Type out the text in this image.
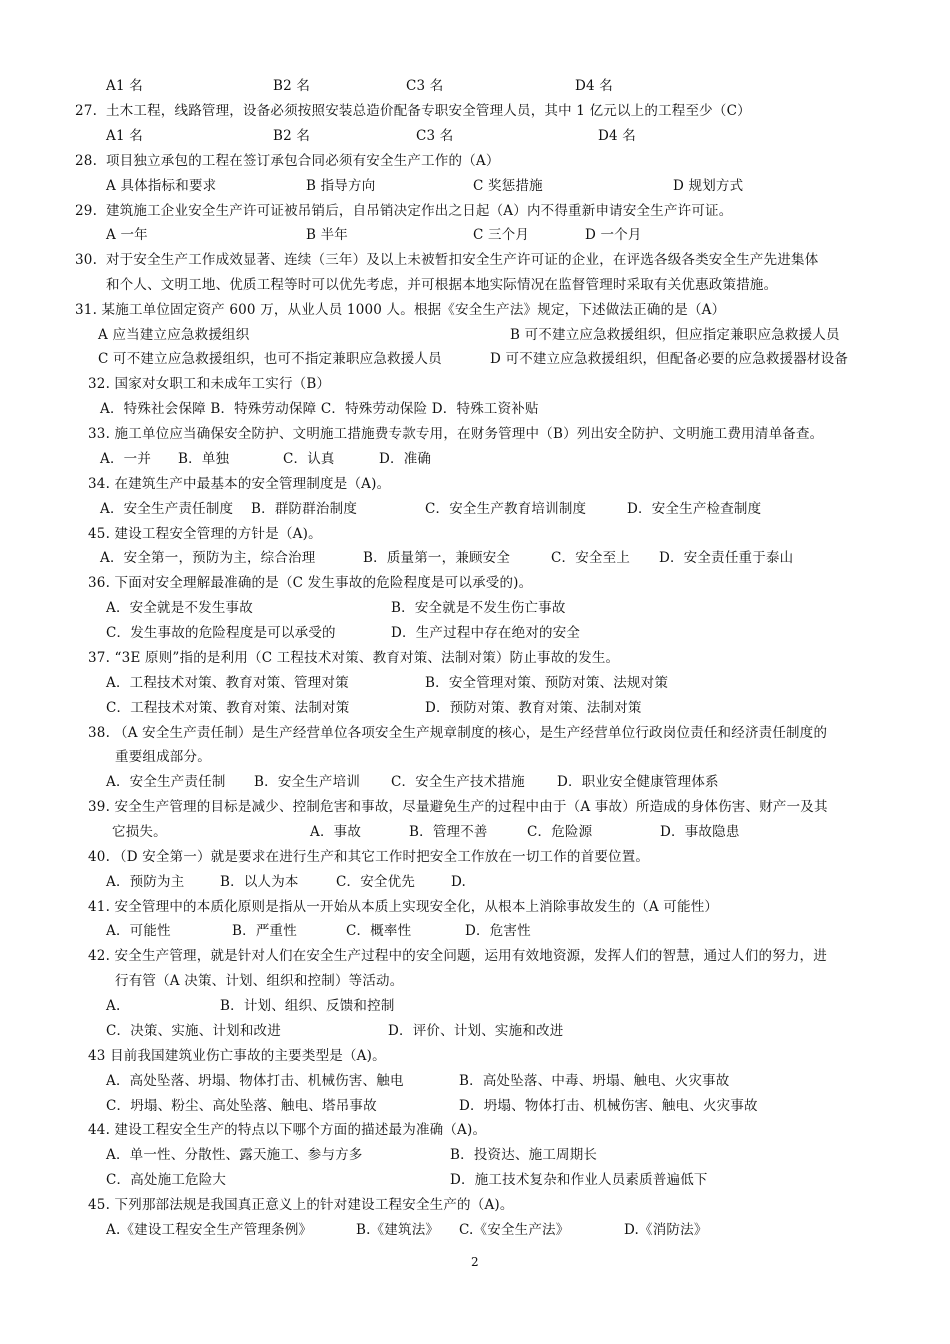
2
A1 名	B2 名	C3 名	D4 名
27. 土木工程，线路管理，设备必须按照安装总造价配备专职安全管理人员，其中 1 亿元以上的工程至少（C）
A1 名	B2 名	C3 名	D4 名
28. 项目独立承包的工程在签订承包合同必须有安全生产工作的（A）
A 具体指标和要求	B 指导方向	C 奖惩措施	D 规划方式
29. 建筑施工企业安全生产许可证被吊销后，自吊销决定作出之日起（A）内不得重新申请安全生产许可证。
A 一年	B 半年	C 三个月	D 一个月
30. 对于安全生产工作成效显著、连续（三年）及以上未被暂扣安全生产许可证的企业，在评选各级各类安全生产先进集体
和个人、文明工地、优质工程等时可以优先考虑，并可根据本地实际情况在监督管理时采取有关优惠政策措施。
31. 某施工单位固定资产 600 万，从业人员 1000 人。根据《安全生产法》规定，下述做法正确的是（A）
A 应当建立应急救援组织	B 可不建立应急救援组织，但应指定兼职应急救援人员
C 可不建立应急救援组织，也可不指定兼职应急救援人员	D 可不建立应急救援组织，但配备必要的应急救援器材设备
32. 国家对女职工和未成年工实行（B）
A．特殊社会保障 B．特殊劳动保障 C．特殊劳动保险 D．特殊工资补贴
33. 施工单位应当确保安全防护、文明施工措施费专款专用，在财务管理中（B）列出安全防护、文明施工费用清单备查。
A．一并 B．单独	C．认真	D．准确
34. 在建筑生产中最基本的安全管理制度是（A)。
A．安全生产责任制度 B．群防群治制度	C．安全生产教育培训制度	D．安全生产检查制度
45. 建设工程安全管理的方针是（A)。
A．安全第一，预防为主，综合治理	B．质量第一，兼顾安全	C．安全至上 D．安全责任重于泰山
36. 下面对安全理解最准确的是（C 发生事故的危险程度是可以承受的)。
A．安全就是不发生事故	B．安全就是不发生伤亡事故
C．发生事故的危险程度是可以承受的	D．生产过程中存在绝对的安全
37. “3E 原则”指的是利用（C 工程技术对策、教育对策、法制对策）防止事故的发生。
A．工程技术对策、教育对策、管理对策	B．安全管理对策、预防对策、法规对策
C．工程技术对策、教育对策、法制对策	D．预防对策、教育对策、法制对策
38. （A 安全生产责任制）是生产经营单位各项安全生产规章制度的核心，是生产经营单位行政岗位责任和经济责任制度的
重要组成部分。
A．安全生产责任制 B．安全生产培训 C．安全生产技术措施 D．职业安全健康管理体系
39. 安全生产管理的目标是减少、控制危害和事故，尽量避免生产的过程中由于（A 事故）所造成的身体伤害、财产一及其
它损失。	A．事故	B．管理不善	C．危险源	D．事故隐患
40. （D 安全第一）就是要求在进行生产和其它工作时把安全工作放在一切工作的首要位置。
A．预防为主	B．以人为本	C．安全优先	D.
41. 安全管理中的本质化原则是指从一开始从本质上实现安全化，从根本上消除事故发生的（A 可能性）
A．可能性	B．严重性	C．概率性	D．危害性
42. 安全生产管理，就是针对人们在安全生产过程中的安全问题，运用有效地资源，发挥人们的智慧，通过人们的努力，进
行有管（A 决策、计划、组织和控制）等活动。
A.	B．计划、组织、反馈和控制
C．决策、实施、计划和改进	D．评价、计划、实施和改进
43 目前我国建筑业伤亡事故的主要类型是（A)。
A．高处坠落、坍塌、物体打击、机械伤害、触电	B．高处坠落、中毒、坍塌、触电、火灾事故
C．坍塌、粉尘、高处坠落、触电、塔吊事故	D．坍塌、物体打击、机械伤害、触电、火灾事故
44. 建设工程安全生产的特点以下哪个方面的描述最为准确（A)。
A．单一性、分散性、露天施工、参与方多	B．投资达、施工周期长
C．高处施工危险大	D．施工技术复杂和作业人员素质普遍低下
45. 下列那部法规是我国真正意义上的针对建设工程安全生产的（A)。
A.《建设工程安全生产管理条例》	B.《建筑法》 C.《安全生产法》	D.《消防法》
